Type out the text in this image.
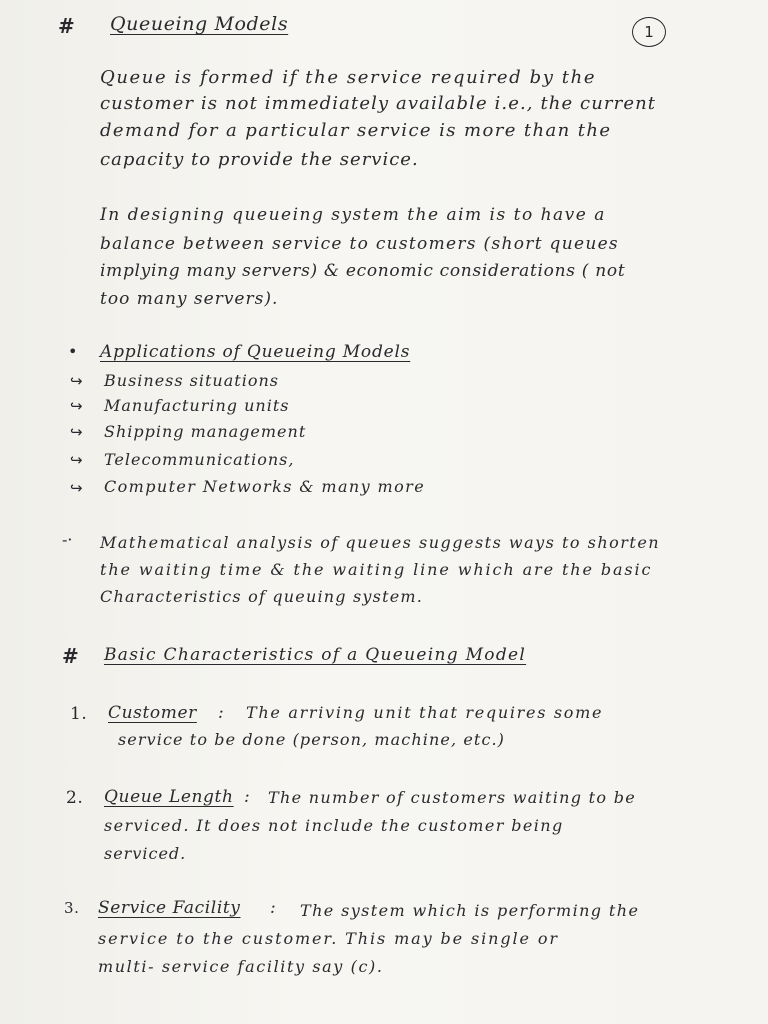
# Queueing Models	1
Queue is formed if the service required by the
customer is not immediately available i.e., the current
demand for a particular service is more than the
capacity to provide the service.
In designing queueing system the aim is to have a
balance between service to customers (short queues
implying many servers) & economic considerations ( not
too many servers).
• Applications of Queueing Models
↪ Business situations
↪ Manufacturing units
↪ Shipping management
↪ Telecommunications,
↪ Computer Networks & many more
-· Mathematical analysis of queues suggests ways to shorten
the waiting time & the waiting line which are the basic
Characteristics of queuing system.
# Basic Characteristics of a Queueing Model
1. Customer : The arriving unit that requires some
service to be done (person, machine, etc.)
2. Queue Length : The number of customers waiting to be
serviced. It does not include the customer being
serviced.
3. Service Facility : The system which is performing the
service to the customer. This may be single or
multi- service facility say (c).
